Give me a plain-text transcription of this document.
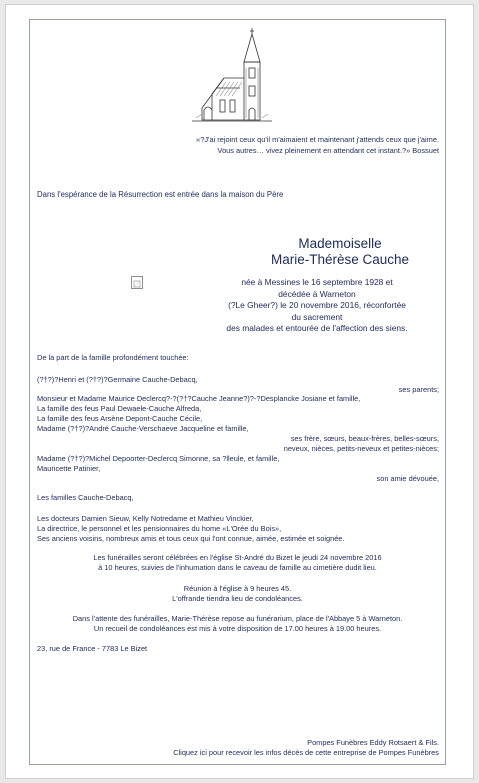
«?J'ai rejoint ceux qu'il m'aimaient et maintenant j'attends ceux que j'aime.
Vous autres… vivez pleinement en attendant cet instant.?» Bossuet
Dans l'espérance de la Résurrection est entrée dans la maison du Père
Mademoiselle
Marie-Thérèse Cauche
née à Messines le 16 septembre 1928 et
décédée à Warneton
(?Le Gheer?) le 20 novembre 2016, réconfortée
du sacrement
des malades et entourée de l'affection des siens.
De la part de la famille profondément touchée:
(?†?)?Henri et (?†?)?Germaine Cauche-Debacq,
ses parents;
Monsieur et Madame Maurice Declercq?-?(?†?Cauche Jeanne?)?-?Desplancke Josiane et famille,
La famille des feus Paul Dewaele-Cauche Alfreda,
La famille des feus Arsène Depont-Cauche Cécile,
Madame (?†?)?André Cauche-Verschaeve Jacqueline et famille,
ses frère, sœurs, beaux-frères, belles-sœurs,
neveux, nièces, petits-neveux et petites-nièces;
Madame (?†?)?Michel Depoorter-Declercq Simonne, sa ?lleule, et famille,
Mauricette Patinier,
son amie dévouée,
Les familles Cauche-Debacq,
Les docteurs Damien Sieuw, Kelly Notredame et Mathieu Vinckier,
La directrice, le personnel et les pensionnaires du home «L'Orée du Bois»,
Ses anciens voisins, nombreux amis et tous ceux qui l'ont connue, aimée, estimée et soignée.
Les funérailles seront célébrées en l'église St-André du Bizet le jeudi 24 novembre 2016
à 10 heures, suivies de l'inhumation dans le caveau de famille au cimetière dudit lieu.
Réunion à l'église à 9 heures 45.
L'offrande tiendra lieu de condoléances.
Dans l'attente des funérailles, Marie-Thérèse repose au funérarium, place de l'Abbaye 5 à Warneton.
Un recueil de condoléances est mis à votre disposition de 17.00 heures à 19.00 heures.
23, rue de France - 7783 Le Bizet
Pompes Funèbres Eddy Rotsaert & Fils.
Cliquez ici pour recevoir les infos décès de cette entreprise de Pompes Funèbres
